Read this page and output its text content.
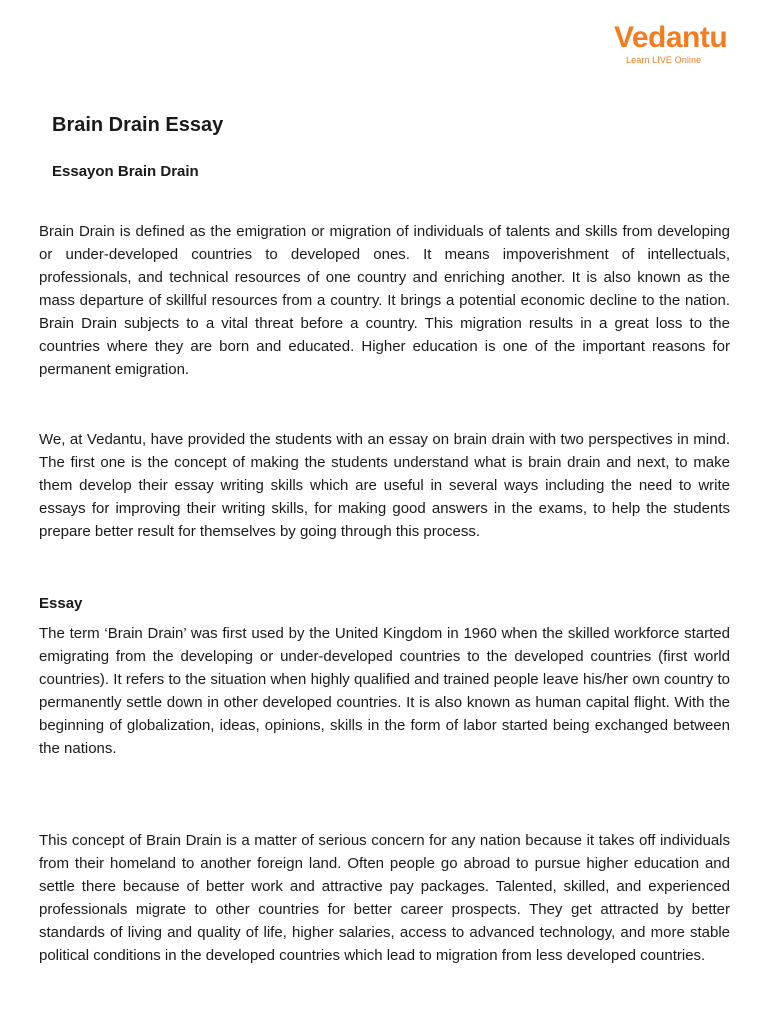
Vedantu
Learn LIVE Online
Brain Drain Essay
Essayon Brain Drain

Brain Drain is defined as the emigration or migration of individuals of talents and skills from developing or under-developed countries to developed ones. It means impoverishment of intellectuals, professionals, and technical resources of one country and enriching another. It is also known as the mass departure of skillful resources from a country. It brings a potential economic decline to the nation. Brain Drain subjects to a vital threat before a country. This migration results in a great loss to the countries where they are born and educated. Higher education is one of the important reasons for permanent emigration.

We, at Vedantu, have provided the students with an essay on brain drain with two perspectives in mind. The first one is the concept of making the students understand what is brain drain and next, to make them develop their essay writing skills which are useful in several ways including the need to write essays for improving their writing skills, for making good answers in the exams, to help the students prepare better result for themselves by going through this process.

Essay

The term ‘Brain Drain’ was first used by the United Kingdom in 1960 when the skilled workforce started emigrating from the developing or under-developed countries to the developed countries (first world countries). It refers to the situation when highly qualified and trained people leave his/her own country to permanently settle down in other developed countries. It is also known as human capital flight. With the beginning of globalization, ideas, opinions, skills in the form of labor started being exchanged between the nations.

This concept of Brain Drain is a matter of serious concern for any nation because it takes off individuals from their homeland to another foreign land. Often people go abroad to pursue higher education and settle there because of better work and attractive pay packages. Talented, skilled, and experienced professionals migrate to other countries for better career prospects. They get attracted by better standards of living and quality of life, higher salaries, access to advanced technology, and more stable political conditions in the developed countries which lead to migration from less developed countries.
